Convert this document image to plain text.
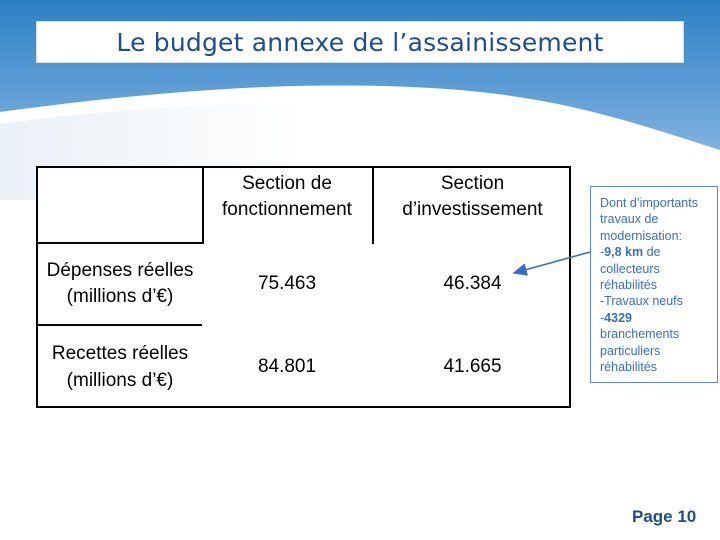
Le budget annexe de l’assainissement
Section de fonctionnement
Section d’investissement
Dépenses réelles (millions d’€)
75.463	46.384
Recettes réelles (millions d’€)
84.801	41.665
Dont d’importants travaux de modernisation:
-9,8 km de collecteurs réhabilités
-Travaux neufs
-4329 branchements particuliers réhabilités
Page 10
